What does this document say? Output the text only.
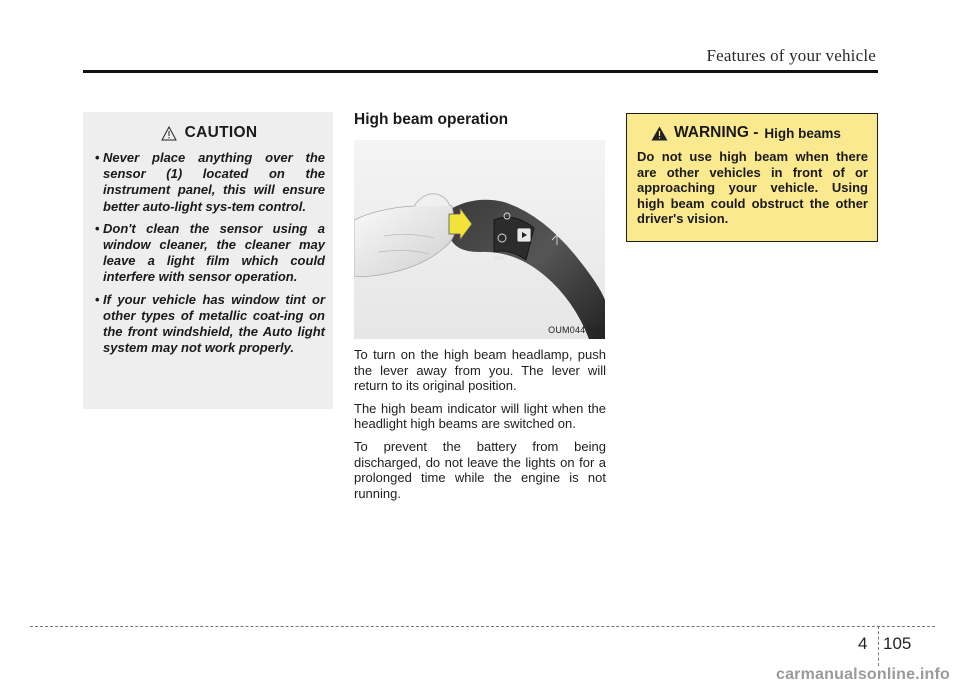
Features of your vehicle
CAUTION
• Never place anything over the sensor (1) located on the instrument panel, this will ensure better auto-light sys-tem control.
• Don't clean the sensor using a window cleaner, the cleaner may leave a light film which could interfere with sensor operation.
• If your vehicle has window tint or other types of metallic coat-ing on the front windshield, the Auto light system may not work properly.
High beam operation
OFF
OUM044059

To turn on the high beam headlamp, push the lever away from you. The lever will return to its original position.

The high beam indicator will light when the headlight high beams are switched on.

To prevent the battery from being discharged, do not leave the lights on for a prolonged time while the engine is not running.

WARNING - High beams

Do not use high beam when there are other vehicles in front of or approaching your vehicle. Using high beam could obstruct the other driver's vision.

4 105
carmanualsonline.info
